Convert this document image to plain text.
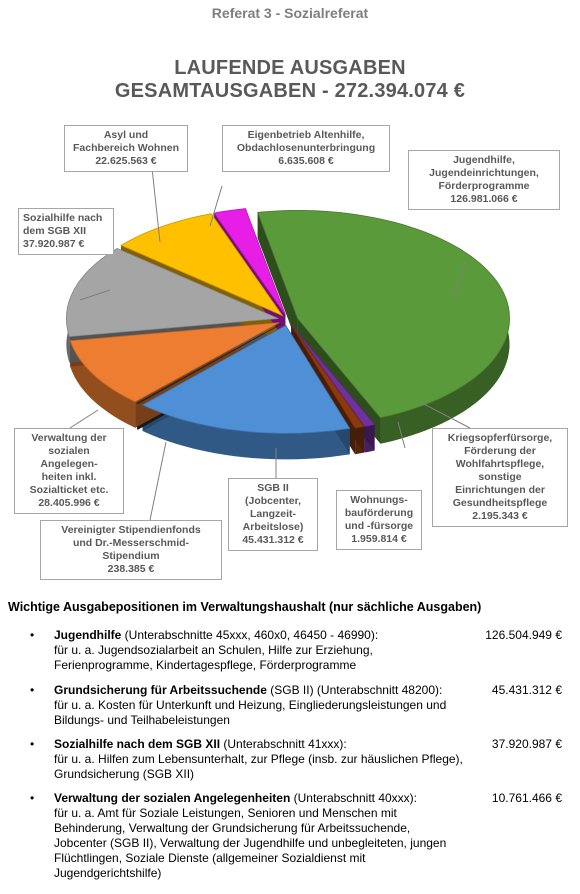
Referat 3 - Sozialreferat
LAUFENDE AUSGABEN
GESAMTAUSGABEN - 272.394.074 €
Jugendhilfe,
Jugendeinrichtungen,
Förderprogramme
126.981.066 €
Kriegsopferfürsorge,
Förderung der
Wohlfahrtspflege,
sonstige
Einrichtungen der
Gesundheitspflege
2.195.343 €
Wohnungs-
bauförderung
und -fürsorge
1.959.814 €
SGB II
(Jobcenter,
Langzeit-
Arbeitslose)
45.431.312 €
Vereinigter Stipendienfonds
und Dr.-Messerschmid-
Stipendium
238.385 €
Verwaltung der
sozialen
Angelegen-
heiten inkl.
Sozialticket etc.
28.405.996 €
Sozialhilfe nach
dem SGB XII
37.920.987 €
Asyl und
Fachbereich Wohnen
22.625.563 €
Eigenbetrieb Altenhilfe,
Obdachlosenunterbringung
6.635.608 €
Wichtige Ausgabepositionen im Verwaltungshaushalt (nur sächliche Ausgaben)
• Jugendhilfe (Unterabschnitte 45xxx, 460x0, 46450 - 46990):
für u. a. Jugendsozialarbeit an Schulen, Hilfe zur Erziehung, Ferienprogramme, Kindertagespflege, Förderprogramme
126.504.949 €
• Grundsicherung für Arbeitssuchende (SGB II) (Unterabschnitt 48200):
für u. a. Kosten für Unterkunft und Heizung, Eingliederungsleistungen und Bildungs- und Teilhabeleistungen
45.431.312 €
• Sozialhilfe nach dem SGB XII (Unterabschnitt 41xxx):
für u. a. Hilfen zum Lebensunterhalt, zur Pflege (insb. zur häuslichen Pflege), Grundsicherung (SGB XII)
37.920.987 €
• Verwaltung der sozialen Angelegenheiten (Unterabschnitt 40xxx):
für u. a. Amt für Soziale Leistungen, Senioren und Menschen mit Behinderung, Verwaltung der Grundsicherung für Arbeitssuchende, Jobcenter (SGB II), Verwaltung der Jugendhilfe und unbegleiteten, jungen Flüchtlingen, Soziale Dienste (allgemeiner Sozialdienst mit Jugendgerichtshilfe)
10.761.466 €
